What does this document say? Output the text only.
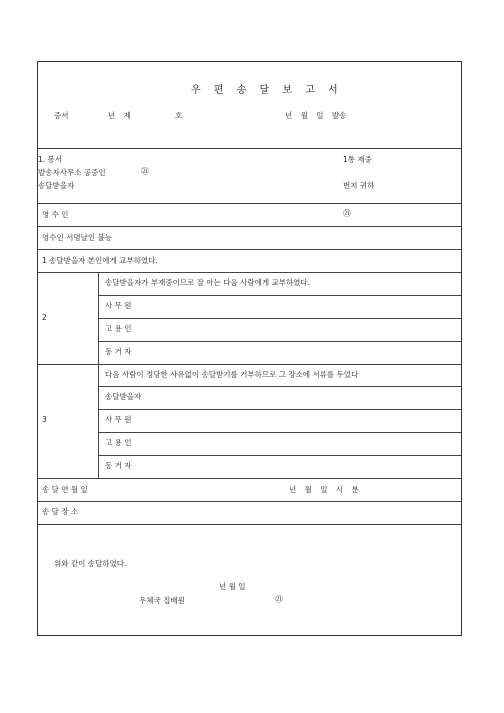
우 편 송 달 보 고 서
증서	년 제	호	년 월 일 발송
1. 봉서	1통 재중
발송자사무소 공증인	㉑
송달받을자	번지 귀하
영 수 인	㉑
영수인 서명날인 불능
1 송달받을자 본인에게 교부하였다.
2
송달받을자가 부재중이므로 잘 아는 다음 사람에게 교부하였다.
사 무 원
고 용 인
동 거 자
3
다음 사람이 정당한 사유없이 송달받기를 거부하므로 그 장소에 서류를 두었다
송달받을자
사 무 원
고 용 인
동 거 자
송 달 연 월 일	년 월 일 시 분
송 달 장 소
위와 같이 송달하였다.
년 월 일
우체국 집배원	㉑
